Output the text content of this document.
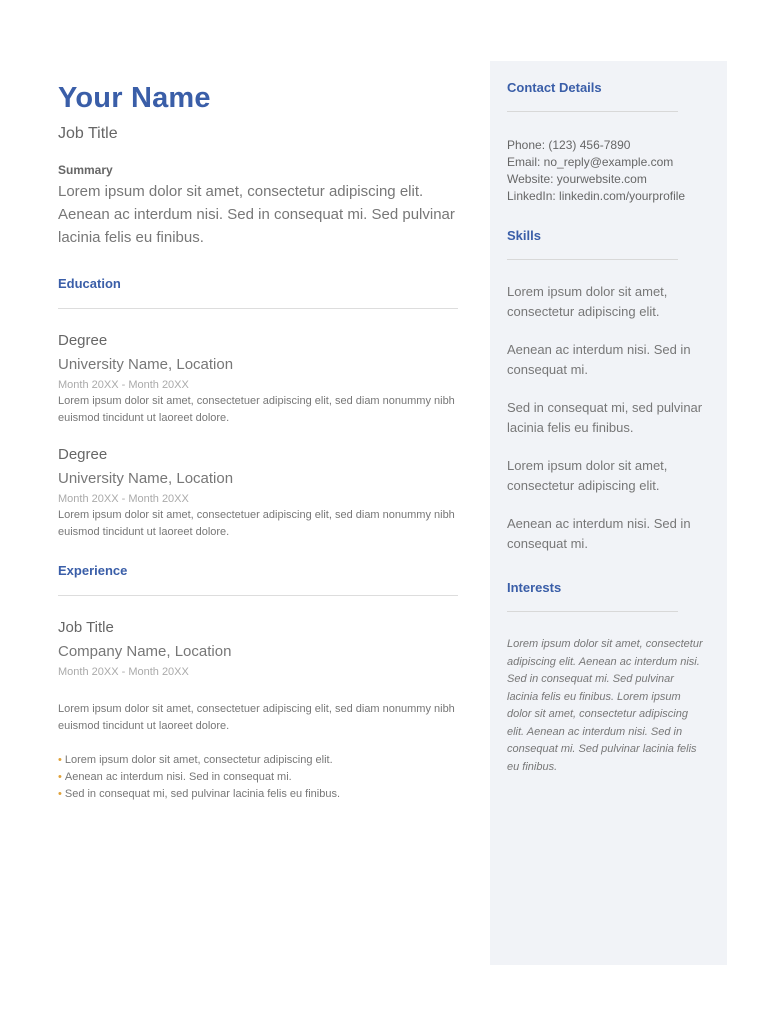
Your Name
Job Title
Summary
Lorem ipsum dolor sit amet, consectetur adipiscing elit. Aenean ac interdum nisi. Sed in consequat mi. Sed pulvinar lacinia felis eu finibus.
Education
Degree
University Name, Location
Month 20XX - Month 20XX
Lorem ipsum dolor sit amet, consectetuer adipiscing elit, sed diam nonummy nibh euismod tincidunt ut laoreet dolore.
Degree
University Name, Location
Month 20XX - Month 20XX
Lorem ipsum dolor sit amet, consectetuer adipiscing elit, sed diam nonummy nibh euismod tincidunt ut laoreet dolore.
Experience
Job Title
Company Name, Location
Month 20XX - Month 20XX
Lorem ipsum dolor sit amet, consectetuer adipiscing elit, sed diam nonummy nibh euismod tincidunt ut laoreet dolore.
• Lorem ipsum dolor sit amet, consectetur adipiscing elit.
• Aenean ac interdum nisi. Sed in consequat mi.
• Sed in consequat mi, sed pulvinar lacinia felis eu finibus.
Contact Details
Phone: (123) 456-7890
Email: no_reply@example.com
Website: yourwebsite.com
LinkedIn: linkedin.com/yourprofile
Skills
Lorem ipsum dolor sit amet, consectetur adipiscing elit.
Aenean ac interdum nisi. Sed in consequat mi.
Sed in consequat mi, sed pulvinar lacinia felis eu finibus.
Lorem ipsum dolor sit amet, consectetur adipiscing elit.
Aenean ac interdum nisi. Sed in consequat mi.
Interests
Lorem ipsum dolor sit amet, consectetur adipiscing elit. Aenean ac interdum nisi. Sed in consequat mi. Sed pulvinar lacinia felis eu finibus. Lorem ipsum dolor sit amet, consectetur adipiscing elit. Aenean ac interdum nisi. Sed in consequat mi. Sed pulvinar lacinia felis eu finibus.
